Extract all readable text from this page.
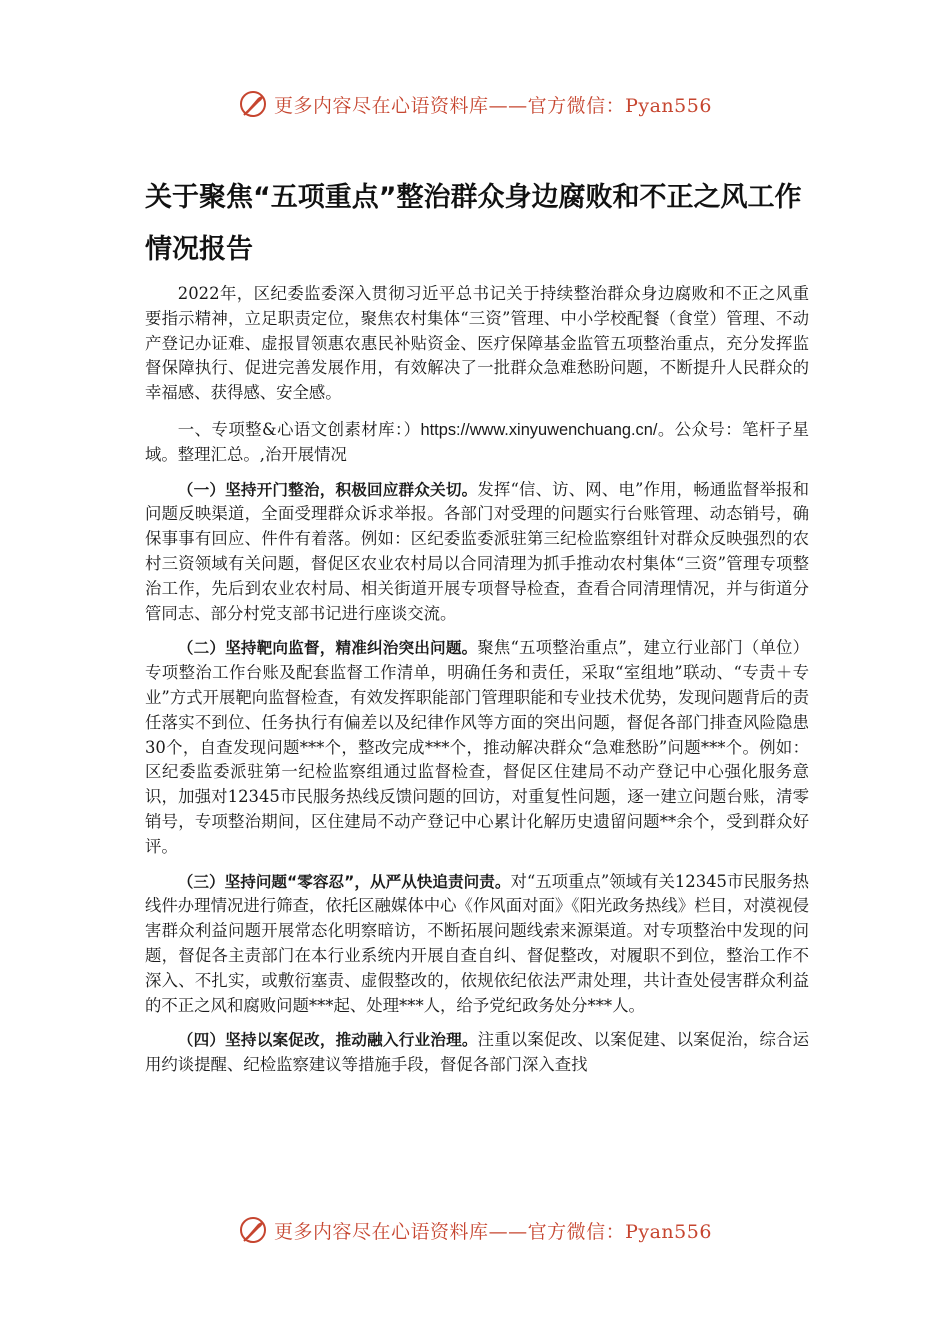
更多内容尽在心语资料库——官方微信：Pyan556
关于聚焦“五项重点”整治群众身边腐败和不正之风工作情况报告

2022年，区纪委监委深入贯彻习近平总书记关于持续整治群众身边腐败和不正之风重要指示精神，立足职责定位，聚焦农村集体“三资”管理、中小学校配餐（食堂）管理、不动产登记办证难、虚报冒领惠农惠民补贴资金、医疗保障基金监管五项整治重点，充分发挥监督保障执行、促进完善发展作用，有效解决了一批群众急难愁盼问题，不断提升人民群众的幸福感、获得感、安全感。

一、专项整&心语文创素材库：）https://www.xinyuwenchuang.cn/。公众号：笔杆子星域。整理汇总。,治开展情况

（一）坚持开门整治，积极回应群众关切。发挥“信、访、网、电”作用，畅通监督举报和问题反映渠道，全面受理群众诉求举报。各部门对受理的问题实行台账管理、动态销号，确保事事有回应、件件有着落。例如：区纪委监委派驻第三纪检监察组针对群众反映强烈的农村三资领域有关问题，督促区农业农村局以合同清理为抓手推动农村集体“三资”管理专项整治工作，先后到农业农村局、相关街道开展专项督导检查，查看合同清理情况，并与街道分管同志、部分村党支部书记进行座谈交流。

（二）坚持靶向监督，精准纠治突出问题。聚焦“五项整治重点”，建立行业部门（单位）专项整治工作台账及配套监督工作清单，明确任务和责任，采取“室组地”联动、“专责＋专业”方式开展靶向监督检查，有效发挥职能部门管理职能和专业技术优势，发现问题背后的责任落实不到位、任务执行有偏差以及纪律作风等方面的突出问题，督促各部门排查风险隐患30个，自查发现问题***个，整改完成***个，推动解决群众“急难愁盼”问题***个。例如：区纪委监委派驻第一纪检监察组通过监督检查，督促区住建局不动产登记中心强化服务意识，加强对12345市民服务热线反馈问题的回访，对重复性问题，逐一建立问题台账，清零销号，专项整治期间，区住建局不动产登记中心累计化解历史遗留问题**余个，受到群众好评。

（三）坚持问题“零容忍”，从严从快追责问责。对“五项重点”领域有关12345市民服务热线件办理情况进行筛查，依托区融媒体中心《作风面对面》《阳光政务热线》栏目，对漠视侵害群众利益问题开展常态化明察暗访，不断拓展问题线索来源渠道。对专项整治中发现的问题，督促各主责部门在本行业系统内开展自查自纠、督促整改，对履职不到位，整治工作不深入、不扎实，或敷衍塞责、虚假整改的，依规依纪依法严肃处理，共计查处侵害群众利益的不正之风和腐败问题***起、处理***人，给予党纪政务处分***人。

（四）坚持以案促改，推动融入行业治理。注重以案促改、以案促建、以案促治，综合运用约谈提醒、纪检监察建议等措施手段，督促各部门深入查找

更多内容尽在心语资料库——官方微信：Pyan556
